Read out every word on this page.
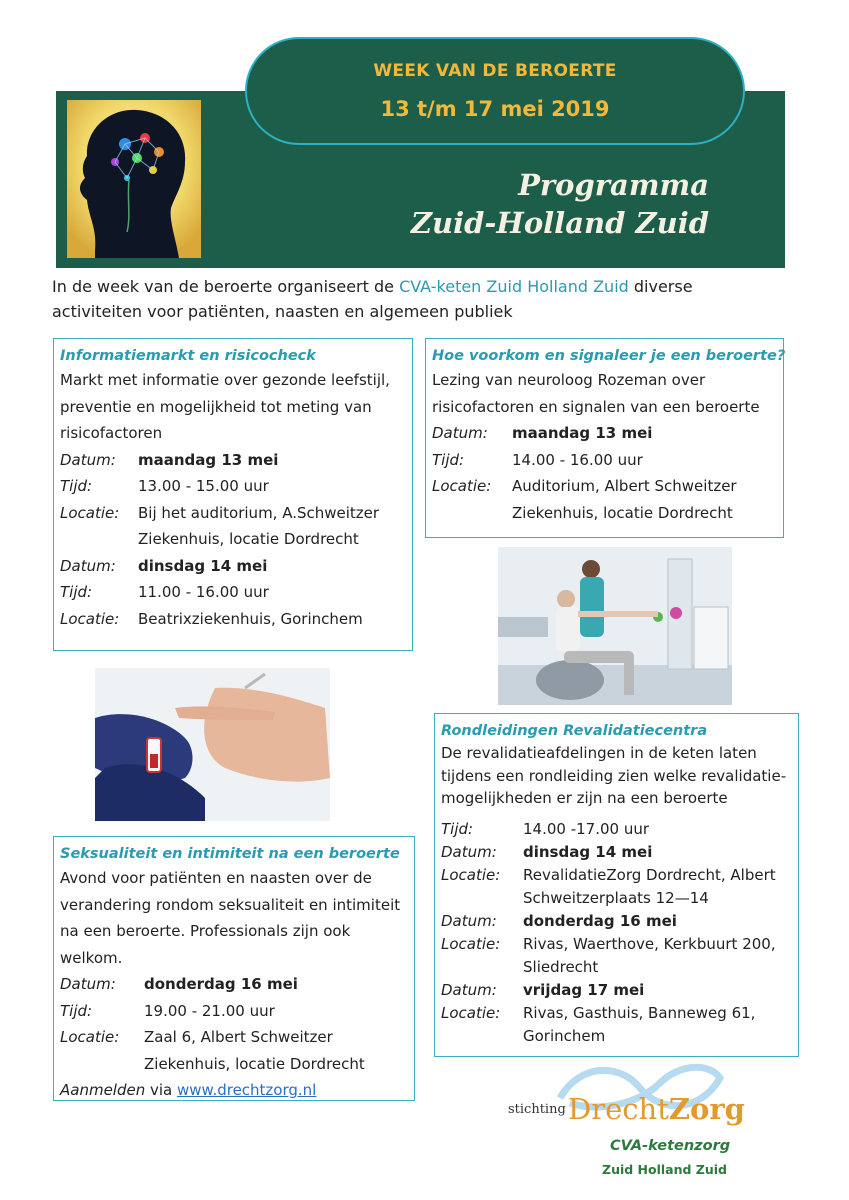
WEEK VAN DE BEROERTE
13 t/m 17 mei 2019
Programma
Zuid-Holland Zuid
In de week van de beroerte organiseert de CVA-keten Zuid Holland Zuid diverse activiteiten voor patiënten, naasten en algemeen publiek
Informatiemarkt en risicocheck

Markt met informatie over gezonde leefstijl, preventie en mogelijkheid tot meting van risicofactoren

Datum:	maandag 13 mei
Tijd:	13.00 - 15.00 uur
Locatie:	Bij het auditorium, A.Schweitzer Ziekenhuis, locatie Dordrecht
Datum:	dinsdag 14 mei
Tijd:	11.00 - 16.00 uur
Locatie:	Beatrixziekenhuis, Gorinchem
Hoe voorkom en signaleer je een beroerte?

Lezing van neuroloog Rozeman over risicofactoren en signalen van een beroerte

Datum:	maandag 13 mei
Tijd:	14.00 - 16.00 uur
Locatie:	Auditorium, Albert Schweitzer Ziekenhuis, locatie Dordrecht
Rondleidingen Revalidatiecentra

De revalidatieafdelingen in de keten laten tijdens een rondleiding zien welke revalidatie-mogelijkheden er zijn na een beroerte

Tijd:	14.00 -17.00 uur
Datum:	dinsdag 14 mei
Locatie:	RevalidatieZorg Dordrecht, Albert Schweitzerplaats 12—14
Datum:	donderdag 16 mei
Locatie:	Rivas, Waerthove, Kerkbuurt 200, Sliedrecht
Datum:	vrijdag 17 mei
Locatie:	Rivas, Gasthuis, Banneweg 61, Gorinchem
Seksualiteit en intimiteit na een beroerte

Avond voor patiënten en naasten over de verandering rondom seksualiteit en intimiteit na een beroerte. Professionals zijn ook welkom.

Datum:	donderdag 16 mei
Tijd:	19.00 - 21.00 uur
Locatie:	Zaal 6, Albert Schweitzer Ziekenhuis, locatie Dordrecht
Aanmelden via www.drechtzorg.nl
stichting DrechtZorg
CVA-ketenzorg
Zuid Holland Zuid
